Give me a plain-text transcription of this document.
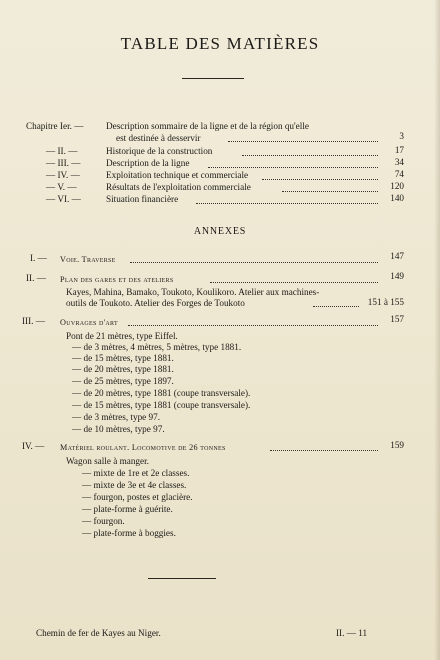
TABLE DES MATIÈRES
Chapitre Ier. — Description sommaire de la ligne et de la région qu'elle
est destinée à desservir	3
— II. —	Historique de la construction	17
— III. —	Description de la ligne	34
— IV. —	Exploitation technique et commerciale	74
— V. —	Résultats de l'exploitation commerciale	120
— VI. —	Situation financière	140
ANNEXES
I. — Voie. Traverse	147
II. — Plan des gares et des ateliers	149
Kayes, Mahina, Bamako, Toukoto, Koulikoro. Atelier aux machines-
outils de Toukoto. Atelier des Forges de Toukoto	151 à 155
III. — Ouvrages d'art	157
Pont de 21 mètres, type Eiffel.
— de 3 mètres, 4 mètres, 5 mètres, type 1881.
— de 15 mètres, type 1881.
— de 20 mètres, type 1881.
— de 25 mètres, type 1897.
— de 20 mètres, type 1881 (coupe transversale).
— de 15 mètres, type 1881 (coupe transversale).
— de 3 mètres, type 97.
— de 10 mètres, type 97.
IV. — Matériel roulant. Locomotive de 26 tonnes	159
Wagon salle à manger.
— mixte de 1re et 2e classes.
— mixte de 3e et 4e classes.
— fourgon, postes et glacière.
— plate-forme à guérite.
— fourgon.
— plate-forme à boggies.
Chemin de fer de Kayes au Niger.	II. — 11
